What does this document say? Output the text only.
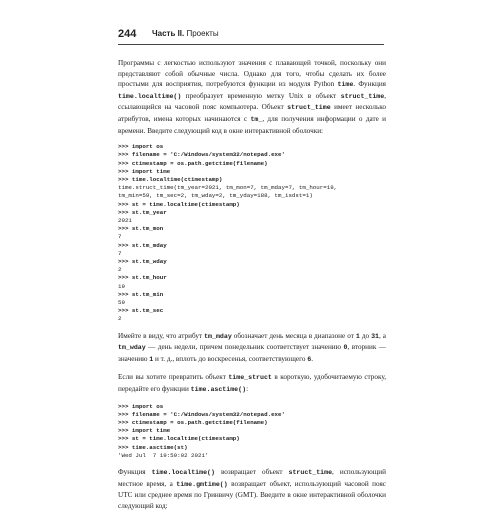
244 Часть II. Проекты

Программы с легкостью используют значения с плавающей точкой, поскольку они представляют собой обычные числа. Однако для того, чтобы сделать их более простыми для восприятия, потребуются функции из модуля Python time. Функция time.localtime() преобразует временную метку Unix в объект struct_time, ссылающийся на часовой пояс компьютера. Объект struct_time имеет несколько атрибутов, имена которых начинаются с tm_, для получения информации о дате и времени. Введите следующий код в окне интерактивной оболочки:

>>> import os
>>> filename = 'C:/Windows/system32/notepad.exe'
>>> ctimestamp = os.path.getctime(filename)
>>> import time
>>> time.localtime(ctimestamp)
time.struct_time(tm_year=2021, tm_mon=7, tm_mday=7, tm_hour=19,
tm_min=59, tm_sec=2, tm_wday=2, tm_yday=188, tm_isdst=1)
>>> st = time.localtime(ctimestamp)
>>> st.tm_year
2021
>>> st.tm_mon
7
>>> st.tm_mday
7
>>> st.tm_wday
2
>>> st.tm_hour
19
>>> st.tm_min
59
>>> st.tm_sec
2

Имейте в виду, что атрибут tm_mday обозначает день месяца в диапазоне от 1 до 31, а tm_wday — день недели, причем понедельник соответствует значению 0, вторник — значению 1 и т. д., вплоть до воскресенья, соответствующего 6.

Если вы хотите превратить объект time_struct в короткую, удобочитаемую строку, передайте его функции time.asctime():

>>> import os
>>> filename = 'C:/Windows/system32/notepad.exe'
>>> ctimestamp = os.path.getctime(filename)
>>> import time
>>> st = time.localtime(ctimestamp)
>>> time.asctime(st)
'Wed Jul  7 19:59:02 2021'

Функция time.localtime() возвращает объект struct_time, использующий местное время, а time.gmtime() возвращает объект, использующий часовой пояс UTC или среднее время по Гринвичу (GMT). Введите в окне интерактивной оболочки следующий код:
